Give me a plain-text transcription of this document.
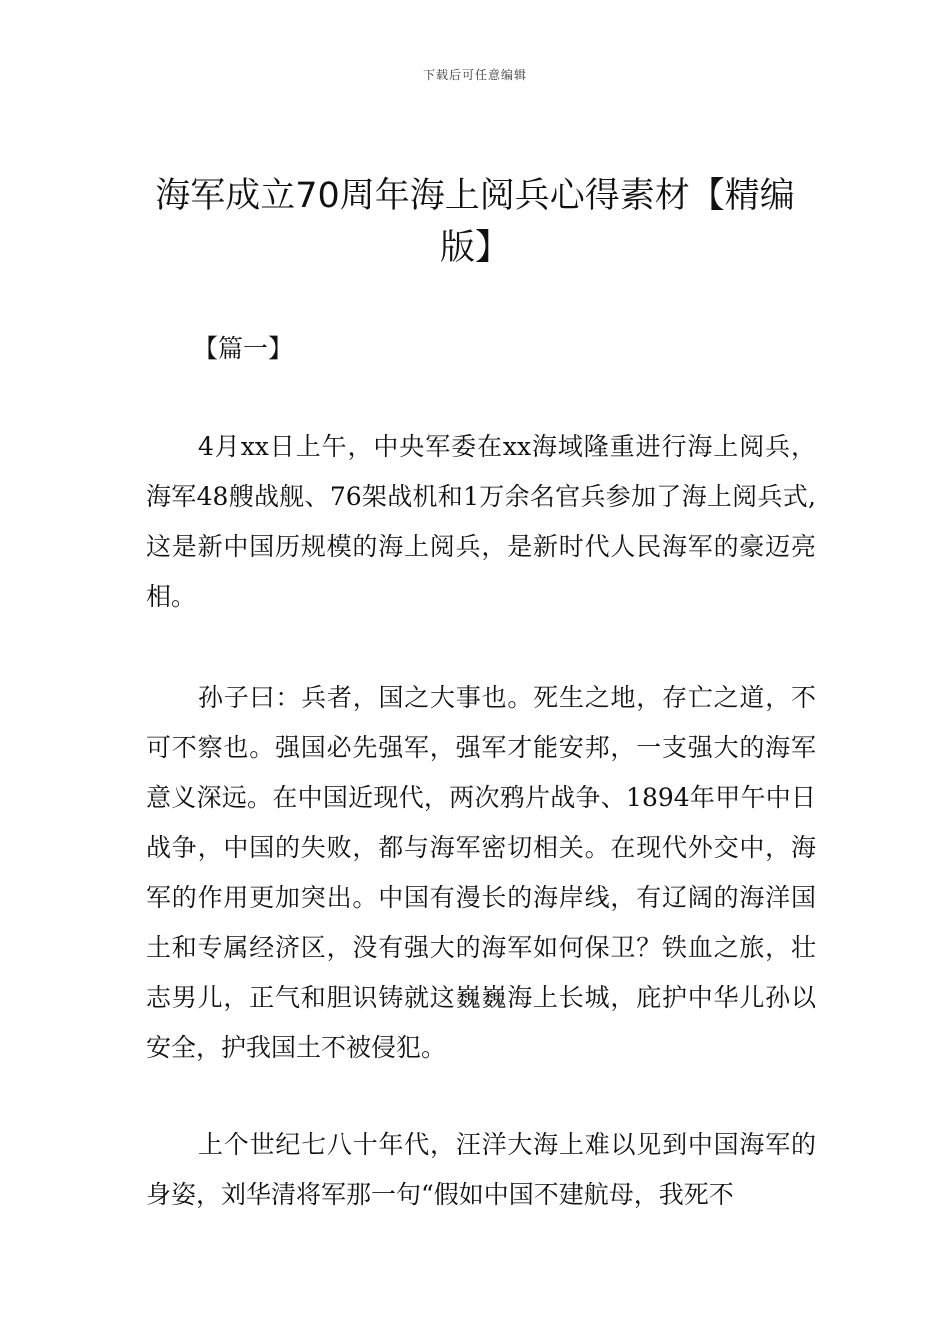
下载后可任意编辑
海军成立70周年海上阅兵心得素材【精编版】

【篇一】

4月xx日上午，中央军委在xx海域隆重进行海上阅兵，海军48艘战舰、76架战机和1万余名官兵参加了海上阅兵式,这是新中国历规模的海上阅兵，是新时代人民海军的豪迈亮相。

孙子曰：兵者，国之大事也。死生之地，存亡之道，不可不察也。强国必先强军，强军才能安邦，一支强大的海军意义深远。在中国近现代，两次鸦片战争、1894年甲午中日战争，中国的失败，都与海军密切相关。在现代外交中，海军的作用更加突出。中国有漫长的海岸线，有辽阔的海洋国土和专属经济区，没有强大的海军如何保卫？铁血之旅，壮志男儿，正气和胆识铸就这巍巍海上长城，庇护中华儿孙以安全，护我国土不被侵犯。

上个世纪七八十年代，汪洋大海上难以见到中国海军的身姿，刘华清将军那一句“假如中国不建航母，我死不
